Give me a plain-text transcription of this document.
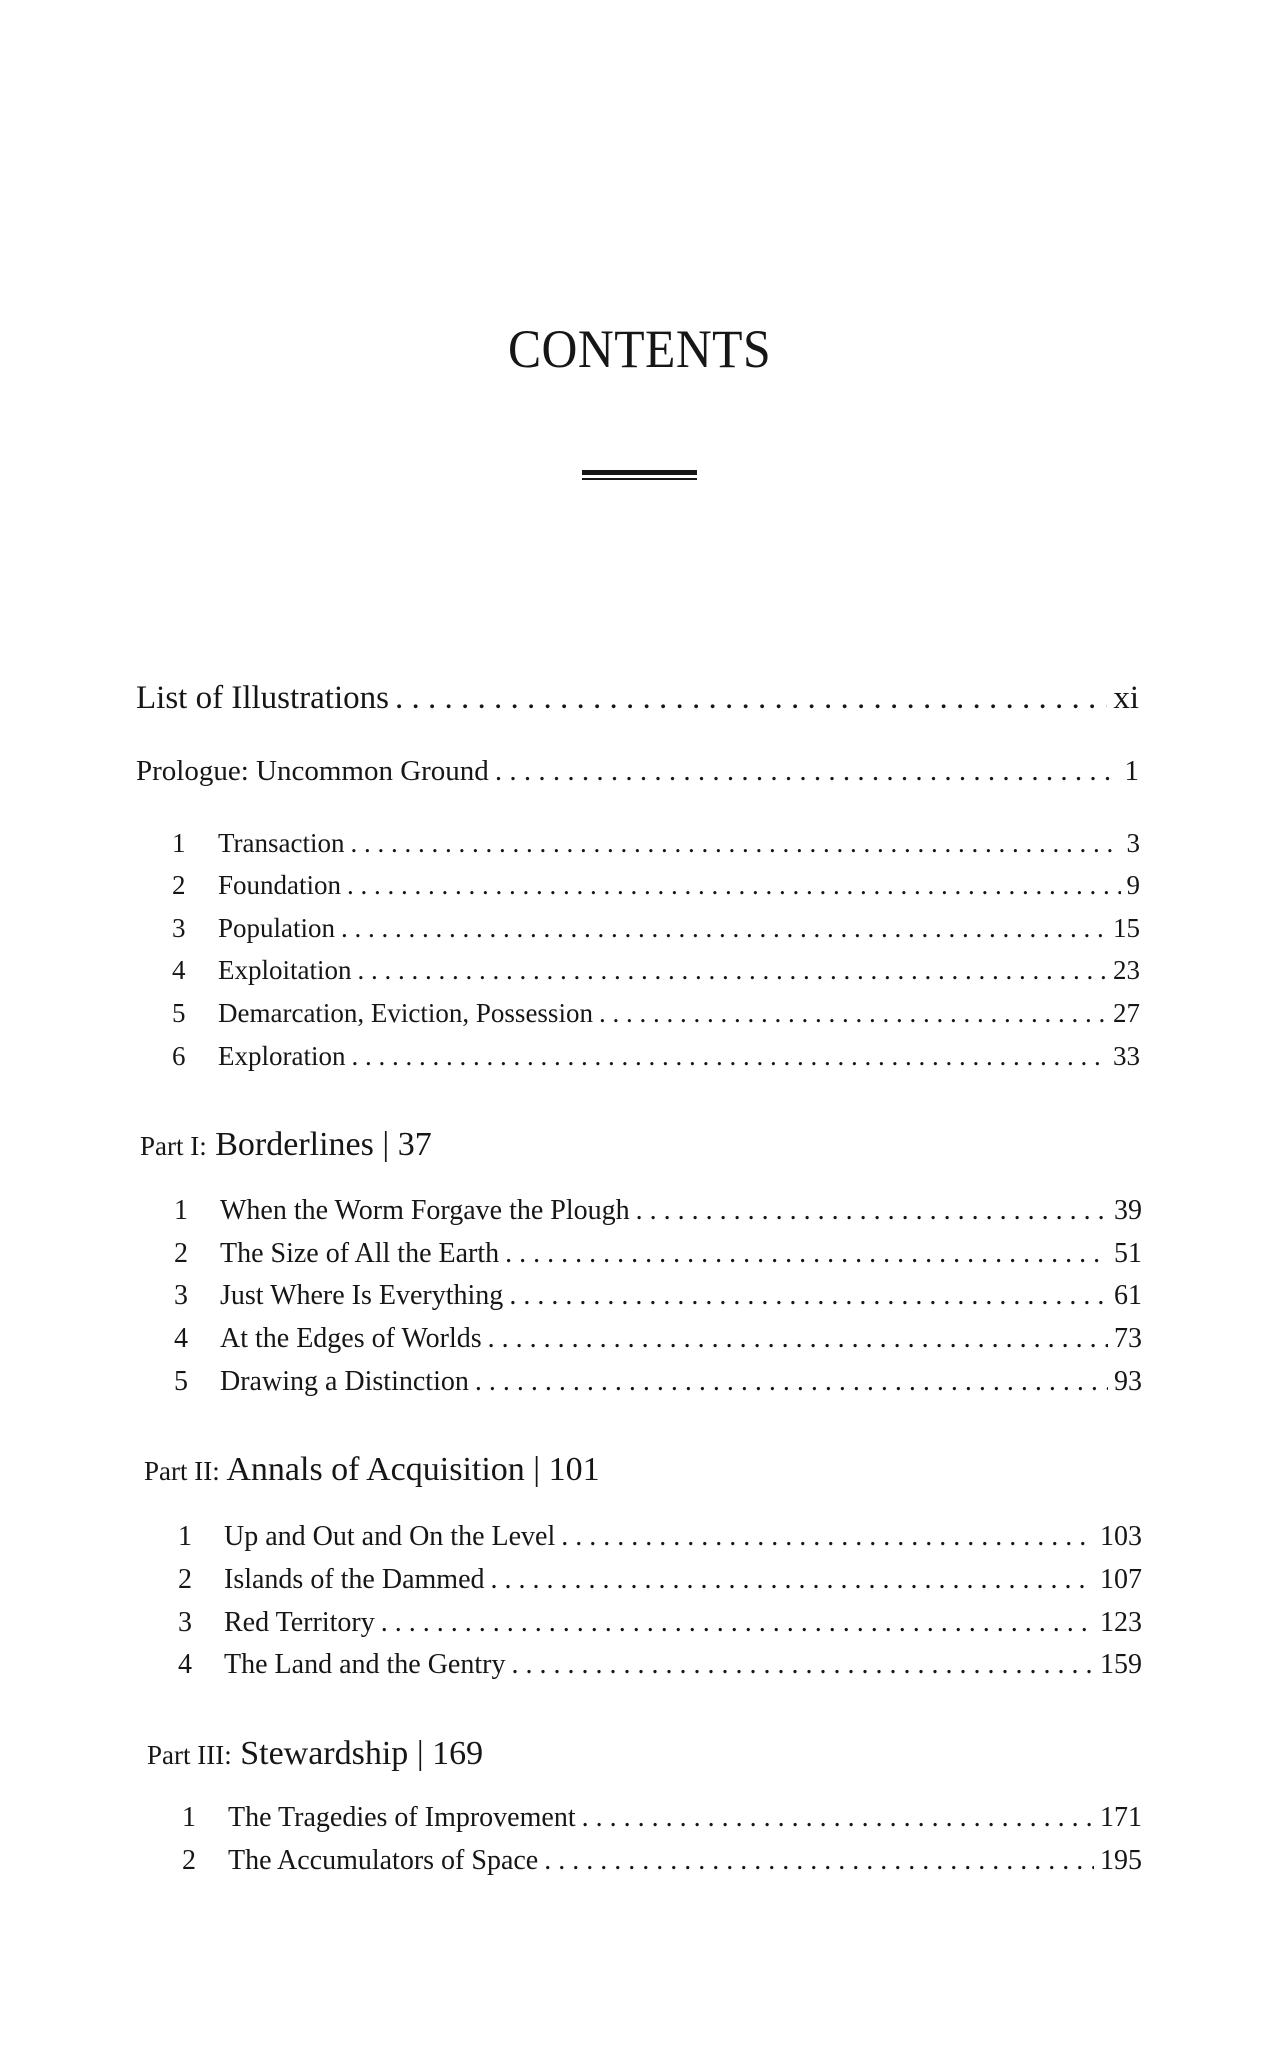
CONTENTS
List of Illustrations . . .	xi
Prologue: Uncommon Ground . . .	1
1	Transaction . . .	3
2	Foundation . . .	9
3	Population . . .	15
4	Exploitation . . .	23
5	Demarcation, Eviction, Possession . . .	27
6	Exploration . . .	33
Part I: Borderlines | 37
1	When the Worm Forgave the Plough . . .	39
2	The Size of All the Earth . . .	51
3	Just Where Is Everything . . .	61
4	At the Edges of Worlds . . .	73
5	Drawing a Distinction . . .	93
Part II: Annals of Acquisition | 101
1	Up and Out and On the Level . . .	103
2	Islands of the Dammed . . .	107
3	Red Territory . . .	123
4	The Land and the Gentry . . .	159
Part III: Stewardship | 169
1	The Tragedies of Improvement . . .	171
2	The Accumulators of Space . . .	195
